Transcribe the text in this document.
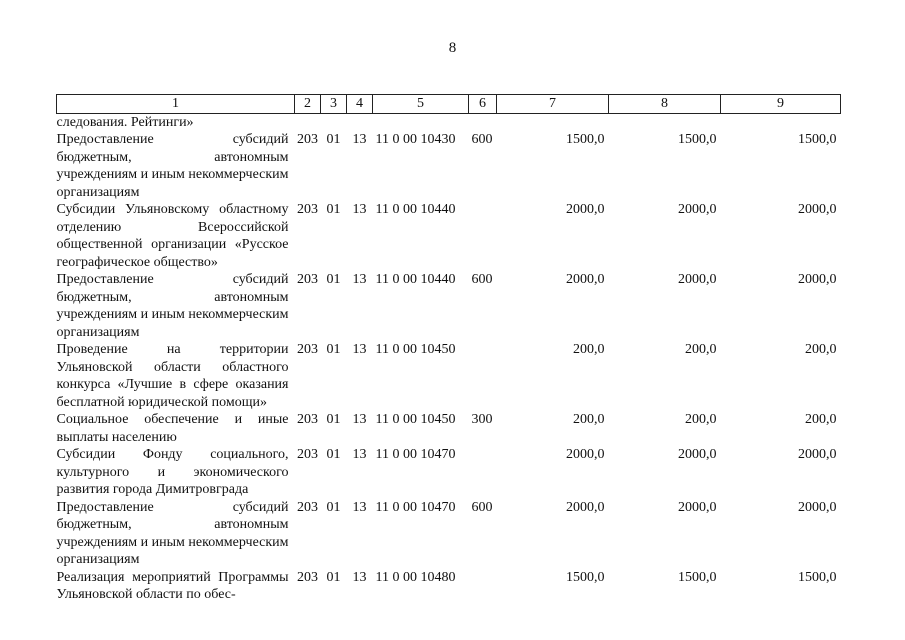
8
1	2	3	4	5	6	7	8	9
следования. Рейтинги»								
Предоставление субсидий бюджетным, автономным учреждениям и иным некоммерческим организациям	203	01	13	11 0 00 10430	600	1500,0	1500,0	1500,0
Субсидии Ульяновскому областному отделению Всероссийской общественной организации «Русское географическое общество»	203	01	13	11 0 00 10440		2000,0	2000,0	2000,0
Предоставление субсидий бюджетным, автономным учреждениям и иным некоммерческим организациям	203	01	13	11 0 00 10440	600	2000,0	2000,0	2000,0
Проведение на территории Ульяновской области областного конкурса «Лучшие в сфере оказания бесплатной юридической помощи»	203	01	13	11 0 00 10450		200,0	200,0	200,0
Социальное обеспечение и иные выплаты населению	203	01	13	11 0 00 10450	300	200,0	200,0	200,0
Субсидии Фонду социального, культурного и экономического развития города Димитровграда	203	01	13	11 0 00 10470		2000,0	2000,0	2000,0
Предоставление субсидий бюджетным, автономным учреждениям и иным некоммерческим организациям	203	01	13	11 0 00 10470	600	2000,0	2000,0	2000,0
Реализация мероприятий Программы Ульяновской области по обес-	203	01	13	11 0 00 10480		1500,0	1500,0	1500,0
